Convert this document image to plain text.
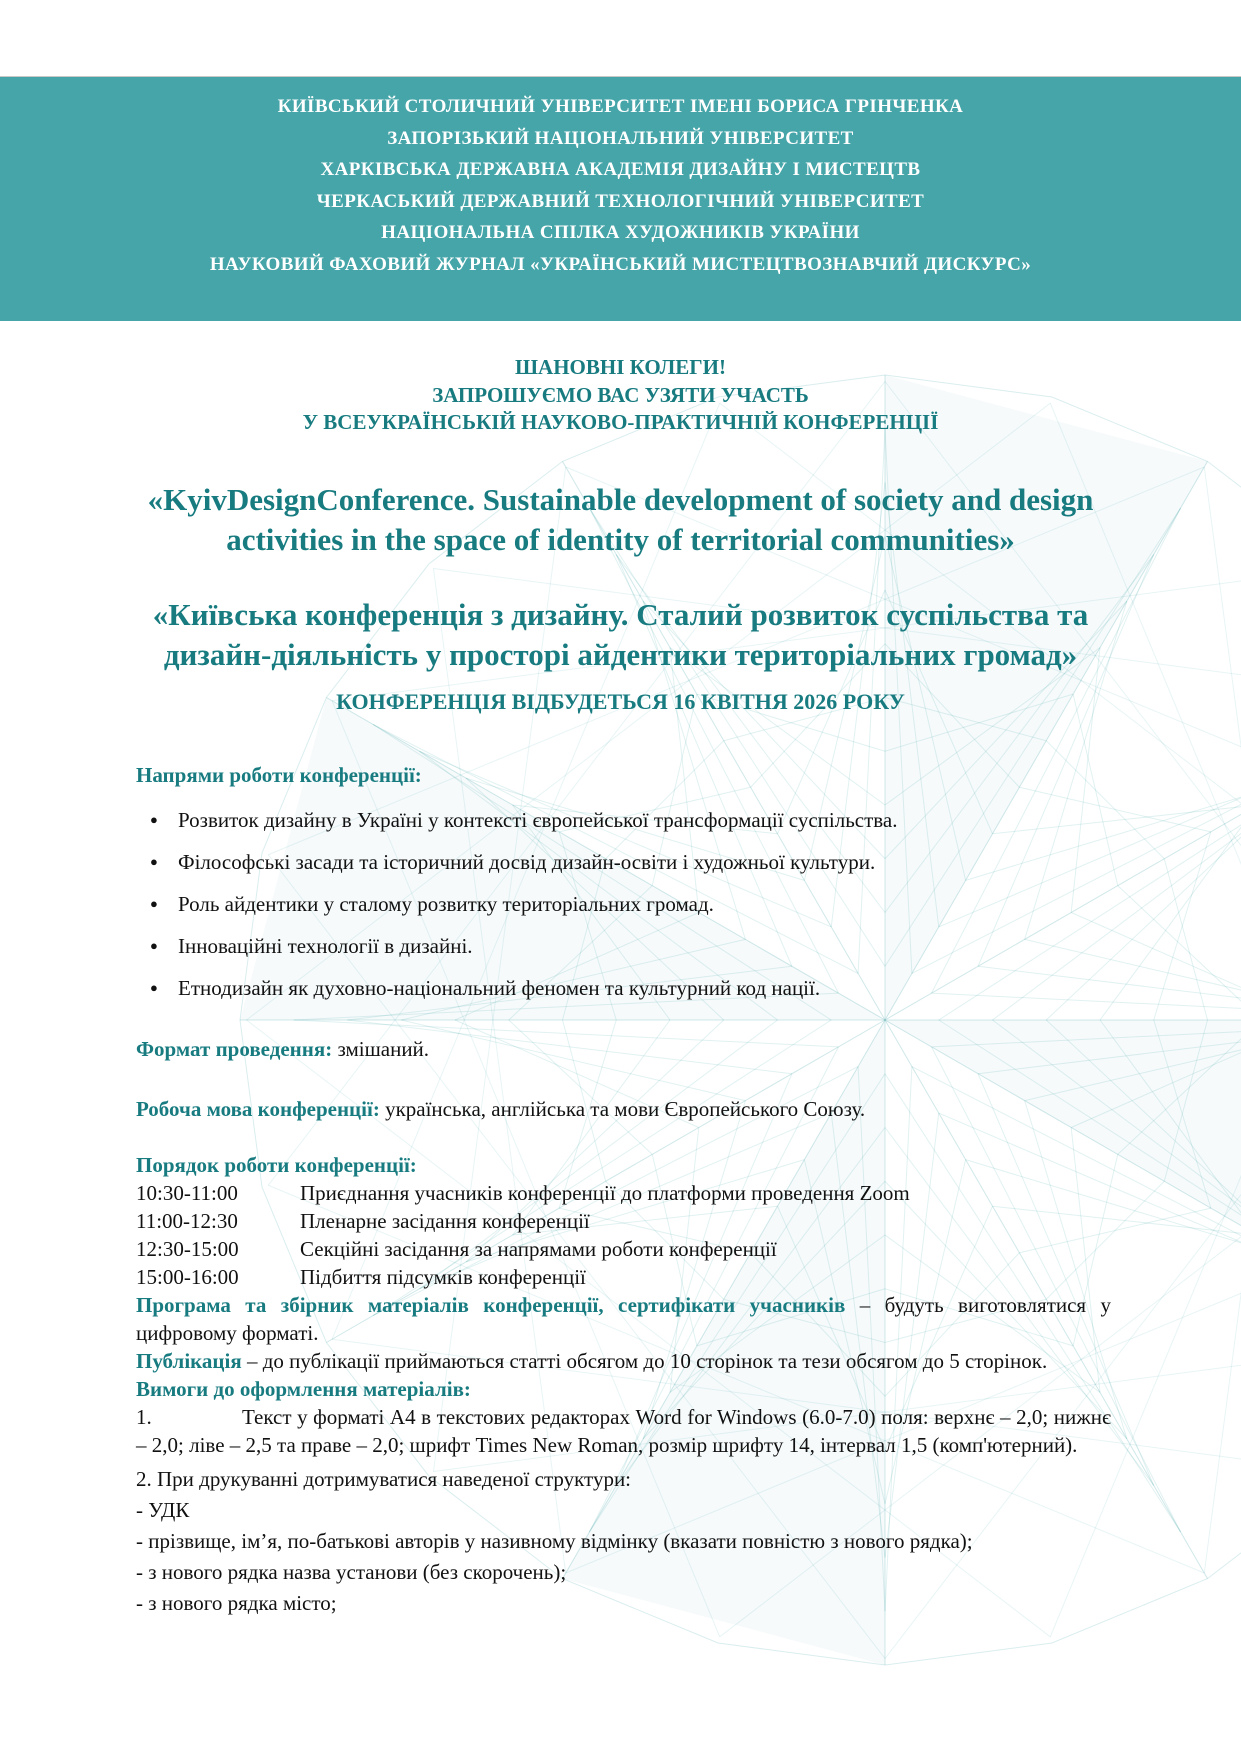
КИЇВСЬКИЙ СТОЛИЧНИЙ УНІВЕРСИТЕТ ІМЕНІ БОРИСА ГРІНЧЕНКА
ЗАПОРІЗЬКИЙ НАЦІОНАЛЬНИЙ УНІВЕРСИТЕТ
ХАРКІВСЬКА ДЕРЖАВНА АКАДЕМІЯ ДИЗАЙНУ І МИСТЕЦТВ
ЧЕРКАСЬКИЙ ДЕРЖАВНИЙ ТЕХНОЛОГІЧНИЙ УНІВЕРСИТЕТ
НАЦІОНАЛЬНА СПІЛКА ХУДОЖНИКІВ УКРАЇНИ
НАУКОВИЙ ФАХОВИЙ ЖУРНАЛ «УКРАЇНСЬКИЙ МИСТЕЦТВОЗНАВЧИЙ ДИСКУРС»
ШАНОВНІ КОЛЕГИ!
ЗАПРОШУЄМО ВАС УЗЯТИ УЧАСТЬ
У ВСЕУКРАЇНСЬКІЙ НАУКОВО-ПРАКТИЧНІЙ КОНФЕРЕНЦІЇ
«KyivDesignConference. Sustainable development of society and design
activities in the space of identity of territorial communities»
«Київська конференція з дизайну. Сталий розвиток суспільства та
дизайн-діяльність у просторі айдентики територіальних громад»
КОНФЕРЕНЦІЯ ВІДБУДЕТЬСЯ 16 КВІТНЯ 2026 РОКУ
Напрями роботи конференції:
● Розвиток дизайну в Україні у контексті європейської трансформації суспільства.
● Філософські засади та історичний досвід дизайн-освіти і художньої культури.
● Роль айдентики у сталому розвитку територіальних громад.
● Інноваційні технології в дизайні.
● Етнодизайн як духовно-національний феномен та культурний код нації.

Формат проведення: змішаний.

Робоча мова конференції: українська, англійська та мови Європейського Союзу.

Порядок роботи конференції:
10:30-11:00	Приєднання учасників конференції до платформи проведення Zoom
11:00-12:30	Пленарне засідання конференції
12:30-15:00	Секційні засідання за напрямами роботи конференції
15:00-16:00	Підбиття підсумків конференції

Програма та збірник матеріалів конференції, сертифікати учасників – будуть виготовлятися у цифровому форматі.

Публікація – до публікації приймаються статті обсягом до 10 сторінок та тези обсягом до 5 сторінок.

Вимоги до оформлення матеріалів:

1.	Текст у форматі А4 в текстових редакторах Word for Windows (6.0-7.0) поля: верхнє – 2,0; нижнє – 2,0; ліве – 2,5 та праве – 2,0; шрифт Times New Roman, розмір шрифту 14, інтервал 1,5 (комп'ютерний).

2. При друкуванні дотримуватися наведеної структури:

- УДК

- прізвище, ім’я, по-батькові авторів у називному відмінку (вказати повністю з нового рядка);

- з нового рядка назва установи (без скорочень);

- з нового рядка місто;
